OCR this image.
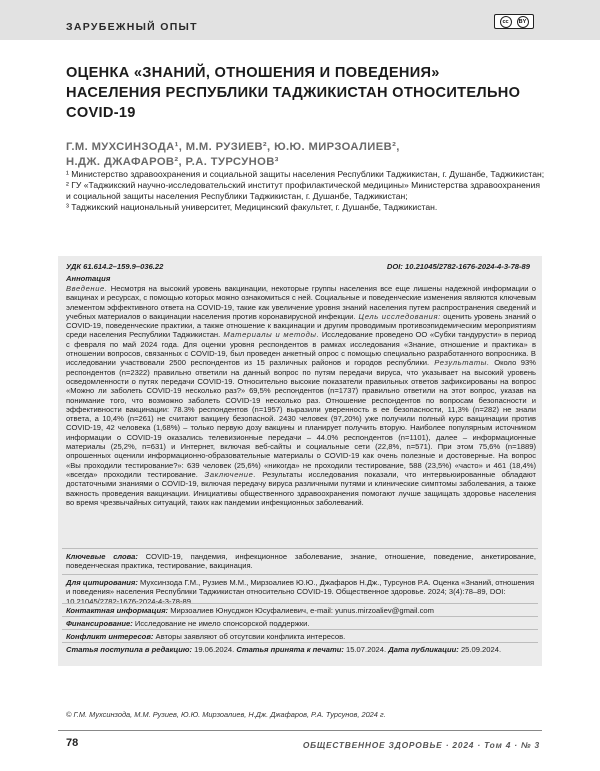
ЗАРУБЕЖНЫЙ ОПЫТ	cc	BY
ОЦЕНКА «ЗНАНИЙ, ОТНОШЕНИЯ И ПОВЕДЕНИЯ» НАСЕЛЕНИЯ РЕСПУБЛИКИ ТАДЖИКИСТАН ОТНОСИТЕЛЬНО COVID-19
Г.М. МУХСИНЗОДА¹, М.М. РУЗИЕВ², Ю.Ю. МИРЗОАЛИЕВ²,
Н.ДЖ. ДЖАФАРОВ², Р.А. ТУРСУНОВ³
¹ Министерство здравоохранения и социальной защиты населения Республики Таджикистан, г. Душанбе, Таджикистан;
² ГУ «Таджикский научно-исследовательский институт профилактической медицины» Министерства здравоохранения и социальной защиты населения Республики Таджикистан, г. Душанбе, Таджикистан;
³ Таджикский национальный университет, Медицинский факультет, г. Душанбе, Таджикистан.
УДК 61.614.2–159.9–036.22	DOI: 10.21045/2782-1676-2024-4-3-78-89
Аннотация
Введение. Несмотря на высокий уровень вакцинации, некоторые группы населения все еще лишены надежной информации о вакцинах и ресурсах, с помощью которых можно ознакомиться с ней. Социальные и поведенческие изменения являются ключевым элементом эффективного ответа на COVID-19, такие как увеличение уровня знаний населения путем распространения сведений и учебных материалов о вакцинации населения против коронавирусной инфекции. Цель исследования: оценить уровень знаний о COVID-19, поведенческие практики, а также отношение к вакцинации и другим проводимым противоэпидемическим мероприятиям среди населения Республики Таджикистан. Материалы и методы. Исследование проведено ОО «Субхи тандурусти» в период с февраля по май 2024 года. Для оценки уровня респондентов в рамках исследования «Знание, отношение и практика» в отношении вопросов, связанных с COVID-19, был проведен анкетный опрос с помощью специально разработанного вопросника. В исследовании участвовали 2500 респондентов из 15 различных районов и городов республики. Результаты. Около 93% респондентов (n=2322) правильно ответили на данный вопрос по путям передачи вируса, что указывает на высокий уровень осведомленности о путях передачи COVID-19. Относительно высокие показатели правильных ответов зафиксированы на вопрос «Можно ли заболеть COVID-19 несколько раз?» 69,5% респондентов (n=1737) правильно ответили на этот вопрос, указав на понимание того, что возможно заболеть COVID-19 несколько раз. Отношение респондентов по вопросам безопасности и эффективности вакцинации: 78.3% респондентов (n=1957) выразили уверенность в ее безопасности, 11,3% (n=282) не знали ответа, а 10,4% (n=261) не считают вакцину безопасной. 2430 человек (97,20%) уже получили полный курс вакцинации против COVID-19, 42 человека (1,68%) – только первую дозу вакцины и планирует получить вторую. Наиболее популярным источником информации о COVID-19 оказались телевизионные передачи – 44.0% респондентов (n=1101), далее – информационные материалы (25,2%, n=631) и Интернет, включая веб-сайты и социальные сети (22,8%, n=571). При этом 75,6% (n=1889) опрошенных оценили информационно-образовательные материалы о COVID-19 как очень полезные и достоверные. На вопрос «Вы проходили тестирование?»: 639 человек (25,6%) «никогда» не проходили тестирование, 588 (23,5%) «часто» и 461 (18,4%) «всегда» проходили тестирование. Заключение. Результаты исследования показали, что интервьюированные обладают достаточными знаниями о COVID-19, включая передачу вируса различными путями и клинические симптомы заболевания, а также важность проведения вакцинации. Инициативы общественного здравоохранения помогают лучше защищать здоровье населения во время чрезвычайных ситуаций, таких как пандемии инфекционных заболеваний.
Ключевые слова: COVID-19, пандемия, инфекционное заболевание, знание, отношение, поведение, анкетирование, поведенческая практика, тестирование, вакцинация.
Для цитирования: Мухсинзода Г.М., Рузиев М.М., Мирзоалиев Ю.Ю., Джафаров Н.Дж., Турсунов Р.А. Оценка «Знаний, отношения и поведения» населения Республики Таджикистан относительно COVID-19. Общественное здоровье. 2024; 3(4):78–89, DOI: 10.21045/2782-1676-2024-4-3-78-89
Контактная информация: Мирзоалиев Юнусджон Юсуфалиевич, e-mail: yunus.mirzoaliev@gmail.com
Финансирование: Исследование не имело спонсорской поддержки.
Конфликт интересов: Авторы заявляют об отсутсвии конфликта интересов.
Статья поступила в редакцию: 19.06.2024. Статья принята к печати: 15.07.2024. Дата публикации: 25.09.2024.
© Г.М. Мухсинзода, М.М. Рузиев, Ю.Ю. Мирзоалиев, Н.Дж. Джафаров, Р.А. Турсунов, 2024 г.
78	ОБЩЕСТВЕННОЕ ЗДОРОВЬЕ · 2024 · Том 4 · № 3
